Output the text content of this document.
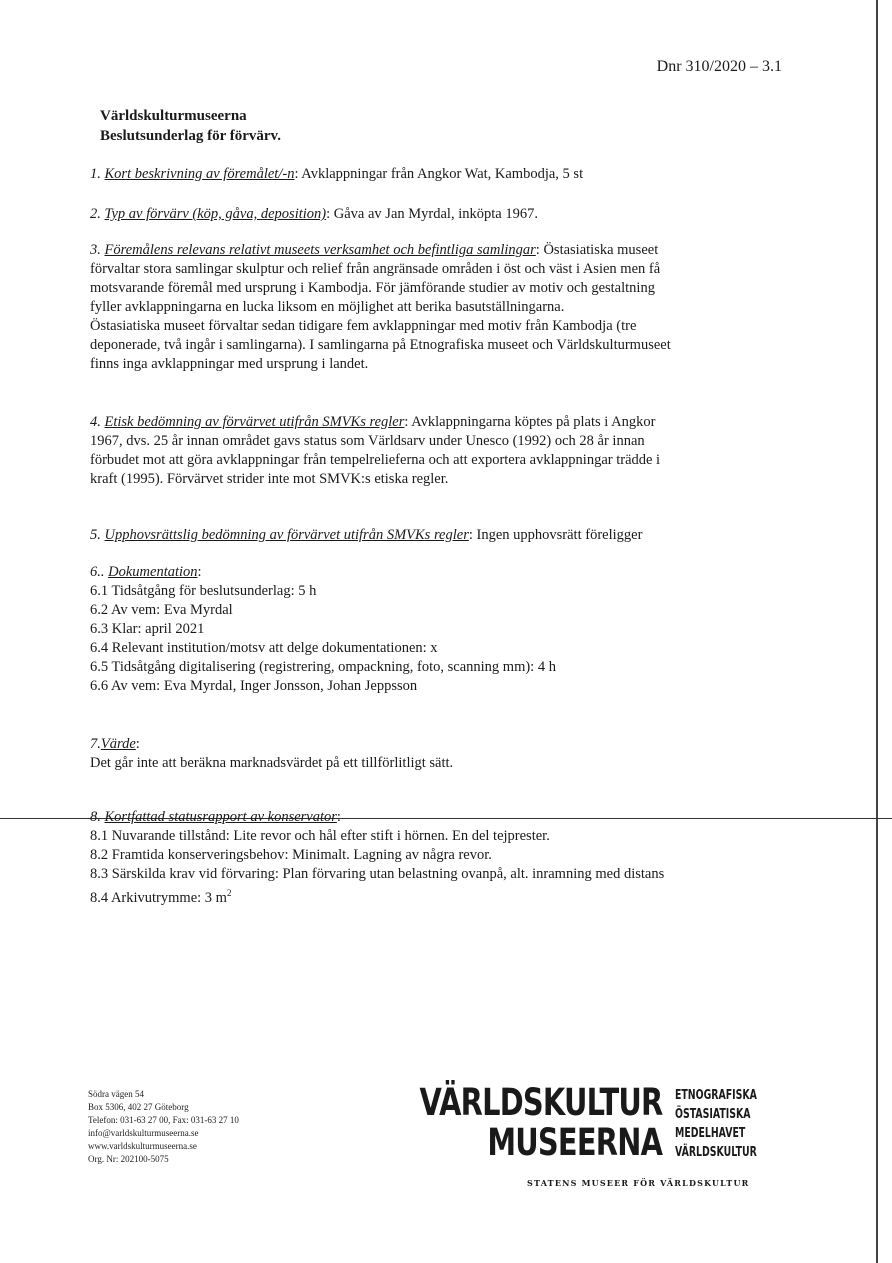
Dnr 310/2020 – 3.1
Världskulturmuseerna
Beslutsunderlag för förvärv.

1. Kort beskrivning av föremålet/-n: Avklappningar från Angkor Wat, Kambodja, 5 st

2. Typ av förvärv (köp, gåva, deposition): Gåva av Jan Myrdal, inköpta 1967.

3. Föremålens relevans relativt museets verksamhet och befintliga samlingar: Östasiatiska museet

förvaltar stora samlingar skulptur och relief från angränsade områden i öst och väst i Asien men få

motsvarande föremål med ursprung i Kambodja. För jämförande studier av motiv och gestaltning

fyller avklappningarna en lucka liksom en möjlighet att berika basutställningarna.

Östasiatiska museet förvaltar sedan tidigare fem avklappningar med motiv från Kambodja (tre

deponerade, två ingår i samlingarna). I samlingarna på Etnografiska museet och Världskulturmuseet

finns inga avklappningar med ursprung i landet.

4. Etisk bedömning av förvärvet utifrån SMVKs regler: Avklappningarna köptes på plats i Angkor

1967, dvs. 25 år innan området gavs status som Världsarv under Unesco (1992) och 28 år innan

förbudet mot att göra avklappningar från tempelrelieferna och att exportera avklappningar trädde i

kraft (1995). Förvärvet strider inte mot SMVK:s etiska regler.

5. Upphovsrättslig bedömning av förvärvet utifrån SMVKs regler: Ingen upphovsrätt föreligger

6.. Dokumentation:

6.1 Tidsåtgång för beslutsunderlag: 5 h

6.2 Av vem: Eva Myrdal

6.3 Klar: april 2021

6.4 Relevant institution/motsv att delge dokumentationen: x

6.5 Tidsåtgång digitalisering (registrering, ompackning, foto, scanning mm): 4 h

6.6 Av vem: Eva Myrdal, Inger Jonsson, Johan Jeppsson

7.Värde:

Det går inte att beräkna marknadsvärdet på ett tillförlitligt sätt.

8. Kortfattad statusrapport av konservator:

8.1 Nuvarande tillstånd: Lite revor och hål efter stift i hörnen. En del tejprester.

8.2 Framtida konserveringsbehov: Minimalt. Lagning av några revor.

8.3 Särskilda krav vid förvaring: Plan förvaring utan belastning ovanpå, alt. inramning med distans

8.4 Arkivutrymme: 3 $m^2$

Södra vägen 54
Box 5306, 402 27 Göteborg
Telefon: 031-63 27 00, Fax: 031-63 27 10
info@varldskulturmuseerna.se
www.varldskulturmuseerna.se
Org. Nr: 202100-5075
VÄRLDSKULTUR
MUSEERNA
ETNOGRAFISKA
ÖSTASIATISKA
MEDELHAVET
VÄRLDSKULTUR
STATENS MUSEER FÖR VÄRLDSKULTUR
